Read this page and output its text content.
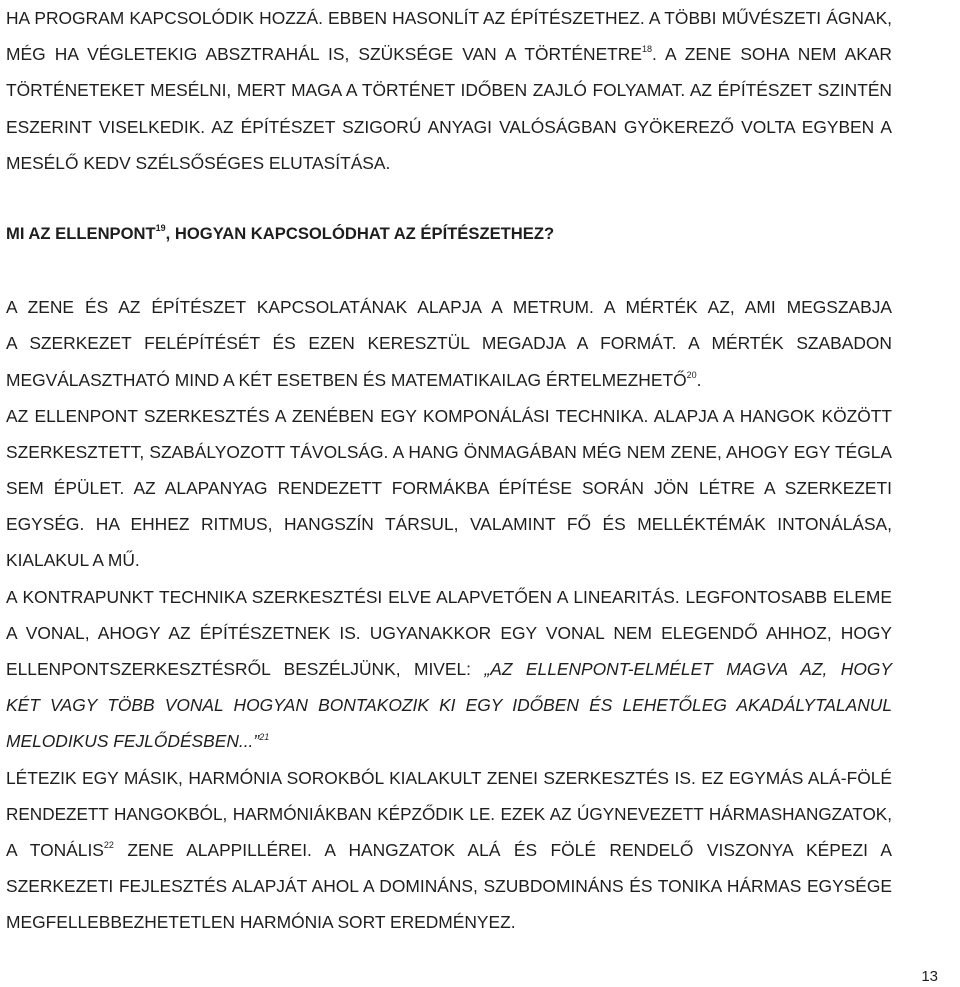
HA PROGRAM KAPCSOLÓDIK HOZZÁ. EBBEN HASONLÍT AZ ÉPÍTÉSZETHEZ. A TÖBBI MŰVÉSZETI ÁGNAK,
MÉG HA VÉGLETEKIG ABSZTRAHÁL IS, SZÜKSÉGE VAN A TÖRTÉNETRE$^{18}$. A ZENE SOHA NEM AKAR
TÖRTÉNETEKET MESÉLNI, MERT MAGA A TÖRTÉNET IDŐBEN ZAJLÓ FOLYAMAT. AZ ÉPÍTÉSZET SZINTÉN
ESZERINT VISELKEDIK. AZ ÉPÍTÉSZET SZIGORÚ ANYAGI VALÓSÁGBAN GYÖKEREZŐ VOLTA EGYBEN A
MESÉLŐ KEDV SZÉLSŐSÉGES ELUTASÍTÁSA.
MI AZ ELLENPONT$^{19}$, HOGYAN KAPCSOLÓDHAT AZ ÉPÍTÉSZETHEZ?
A ZENE ÉS AZ ÉPÍTÉSZET KAPCSOLATÁNAK ALAPJA A METRUM. A MÉRTÉK AZ, AMI MEGSZABJA
A SZERKEZET FELÉPÍTÉSÉT ÉS EZEN KERESZTÜL MEGADJA A FORMÁT. A MÉRTÉK SZABADON
MEGVÁLASZTHATÓ MIND A KÉT ESETBEN ÉS MATEMATIKAILAG ÉRTELMEZHETŐ$^{20}$.
AZ ELLENPONT SZERKESZTÉS A ZENÉBEN EGY KOMPONÁLÁSI TECHNIKA. ALAPJA A HANGOK KÖZÖTT
SZERKESZTETT, SZABÁLYOZOTT TÁVOLSÁG. A HANG ÖNMAGÁBAN MÉG NEM ZENE, AHOGY EGY TÉGLA
SEM ÉPÜLET. AZ ALAPANYAG RENDEZETT FORMÁKBA ÉPÍTÉSE SORÁN JÖN LÉTRE A SZERKEZETI
EGYSÉG. HA EHHEZ RITMUS, HANGSZÍN TÁRSUL, VALAMINT FŐ ÉS MELLÉKTÉMÁK INTONÁLÁSA,
KIALAKUL A MŰ.
A KONTRAPUNKT TECHNIKA SZERKESZTÉSI ELVE ALAPVETŐEN A LINEARITÁS. LEGFONTOSABB ELEME
A VONAL, AHOGY AZ ÉPÍTÉSZETNEK IS. UGYANAKKOR EGY VONAL NEM ELEGENDŐ AHHOZ, HOGY
ELLENPONTSZERKESZTÉSRŐL BESZÉLJÜNK, MIVEL: „AZ ELLENPONT-ELMÉLET MAGVA AZ, HOGY
KÉT VAGY TÖBB VONAL HOGYAN BONTAKOZIK KI EGY IDŐBEN ÉS LEHETŐLEG AKADÁLYTALANUL
MELODIKUS FEJLŐDÉSBEN...”$^{21}$
LÉTEZIK EGY MÁSIK, HARMÓNIA SOROKBÓL KIALAKULT ZENEI SZERKESZTÉS IS. EZ EGYMÁS ALÁ-FÖLÉ
RENDEZETT HANGOKBÓL, HARMÓNIÁKBAN KÉPZŐDIK LE. EZEK AZ ÚGYNEVEZETT HÁRMASHANGZATOK,
A TONÁLIS$^{22}$ ZENE ALAPPILLÉREI. A HANGZATOK ALÁ ÉS FÖLÉ RENDELŐ VISZONYA KÉPEZI A
SZERKEZETI FEJLESZTÉS ALAPJÁT AHOL A DOMINÁNS, SZUBDOMINÁNS ÉS TONIKA HÁRMAS EGYSÉGE
MEGFELLEBBEZHETETLEN HARMÓNIA SORT EREDMÉNYEZ.
13
